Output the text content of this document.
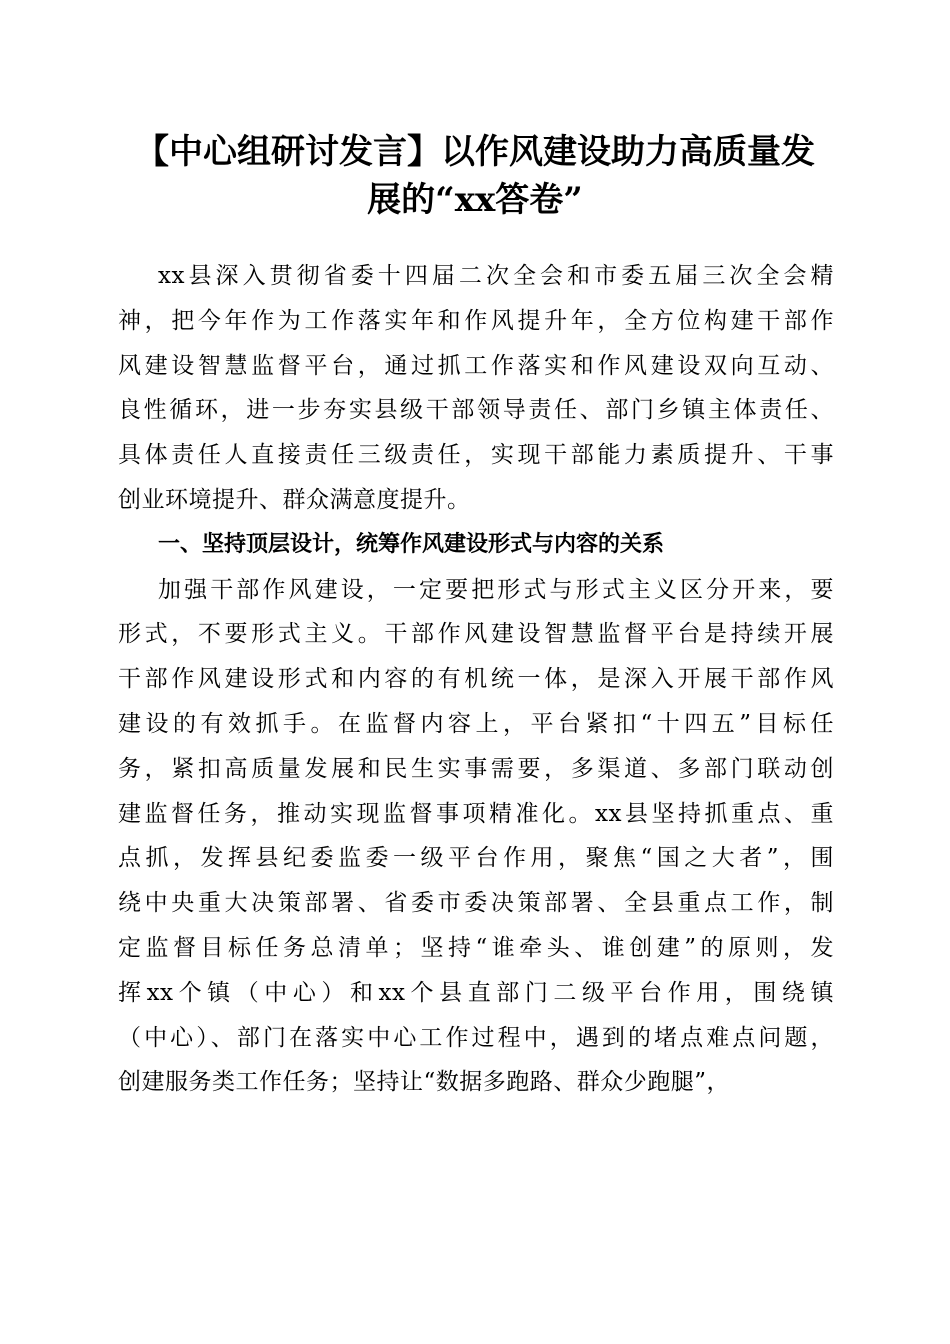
【中心组研讨发言】以作风建设助力高质量发
展的“xx答卷”
xx县深入贯彻省委十四届二次全会和市委五届三次全会精
神，把今年作为工作落实年和作风提升年，全方位构建干部作
风建设智慧监督平台，通过抓工作落实和作风建设双向互动、
良性循环，进一步夯实县级干部领导责任、部门乡镇主体责任、
具体责任人直接责任三级责任，实现干部能力素质提升、干事
创业环境提升、群众满意度提升。
一、坚持顶层设计，统筹作风建设形式与内容的关系
加强干部作风建设，一定要把形式与形式主义区分开来，要
形式，不要形式主义。干部作风建设智慧监督平台是持续开展
干部作风建设形式和内容的有机统一体，是深入开展干部作风
建设的有效抓手。在监督内容上，平台紧扣“十四五”目标任
务，紧扣高质量发展和民生实事需要，多渠道、多部门联动创
建监督任务，推动实现监督事项精准化。xx县坚持抓重点、重
点抓，发挥县纪委监委一级平台作用，聚焦“国之大者”，围
绕中央重大决策部署、省委市委决策部署、全县重点工作，制
定监督目标任务总清单；坚持“谁牵头、谁创建”的原则，发
挥xx个镇（中心）和xx个县直部门二级平台作用，围绕镇
（中心）、部门在落实中心工作过程中，遇到的堵点难点问题，
创建服务类工作任务；坚持让“数据多跑路、群众少跑腿”，
